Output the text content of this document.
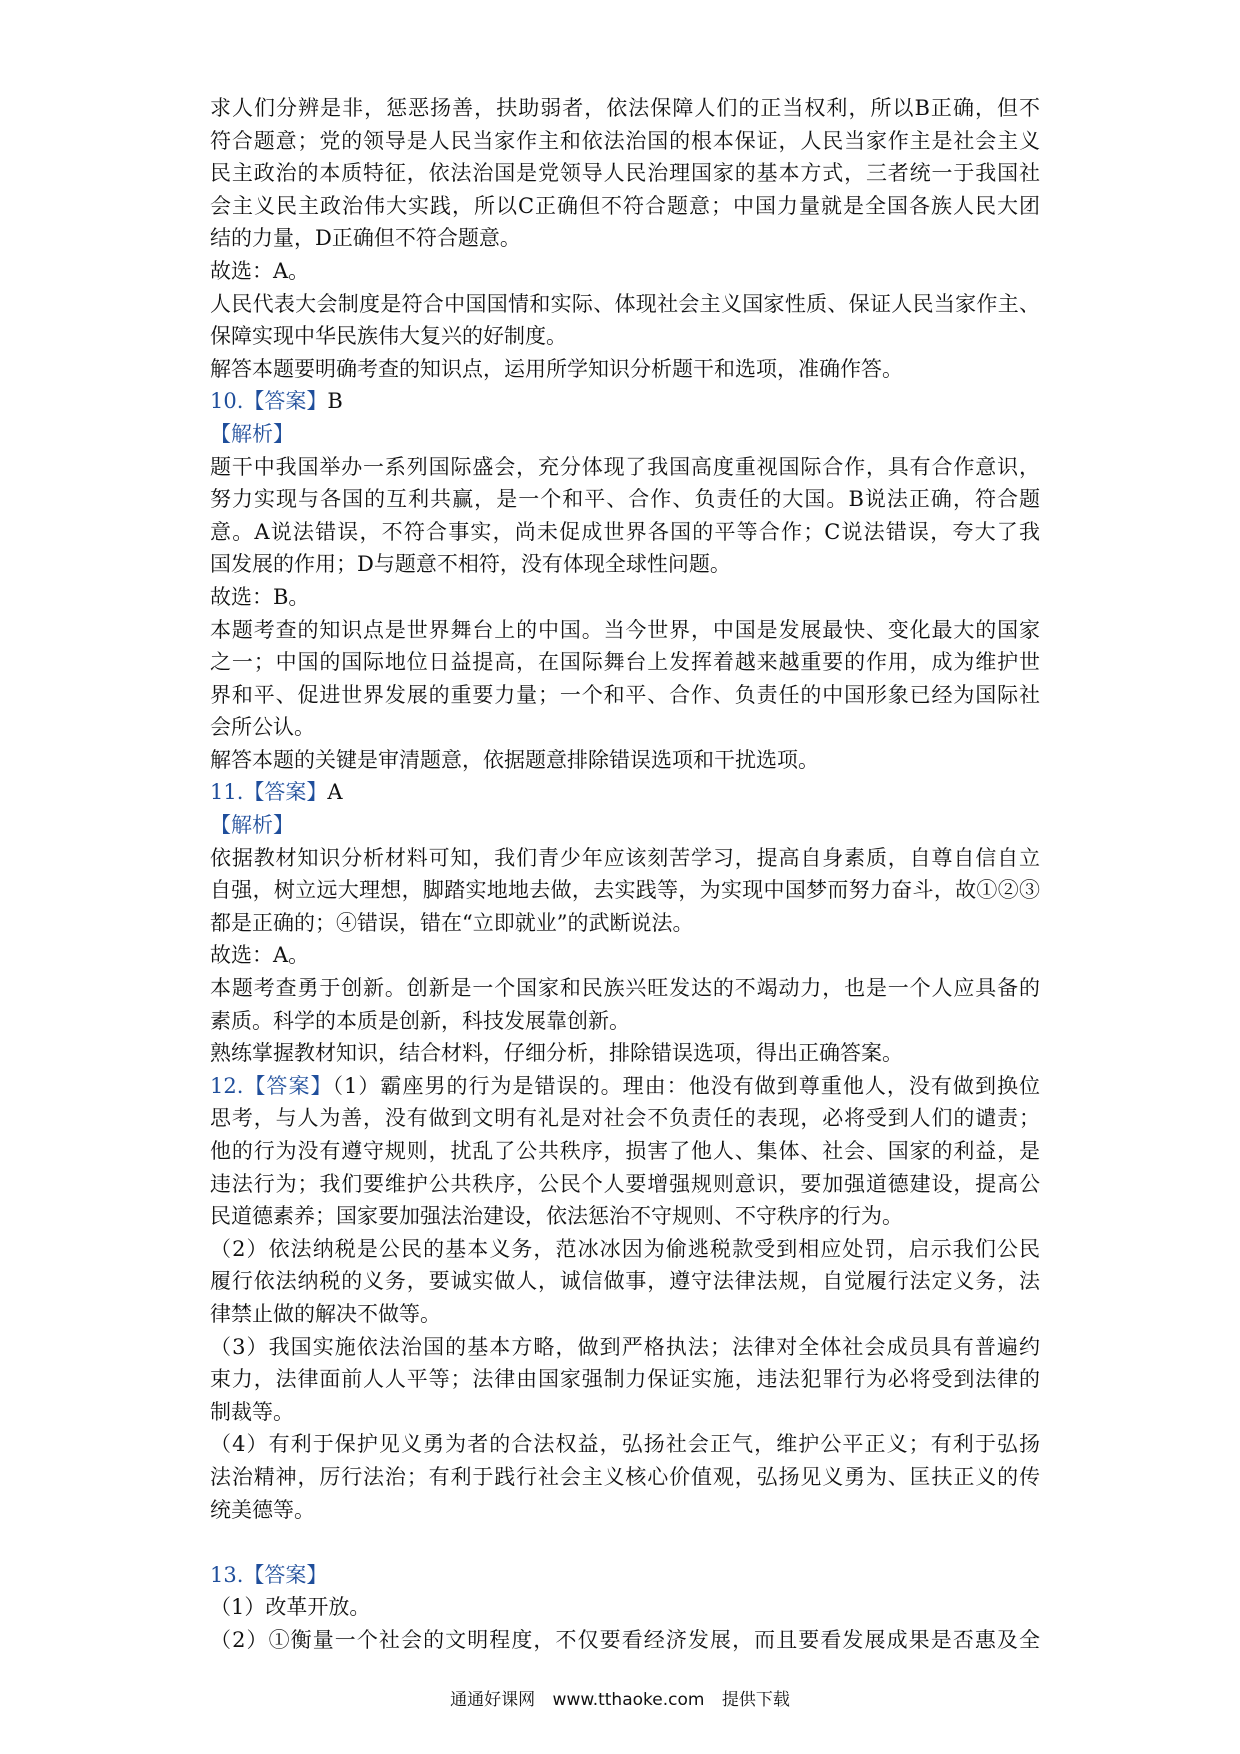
求人们分辨是非，惩恶扬善，扶助弱者，依法保障人们的正当权利，所以B正确，但不
符合题意；党的领导是人民当家作主和依法治国的根本保证，人民当家作主是社会主义
民主政治的本质特征，依法治国是党领导人民治理国家的基本方式，三者统一于我国社
会主义民主政治伟大实践，所以C正确但不符合题意；中国力量就是全国各族人民大团
结的力量，D正确但不符合题意。
故选：A。
人民代表大会制度是符合中国国情和实际、体现社会主义国家性质、保证人民当家作主、
保障实现中华民族伟大复兴的好制度。
解答本题要明确考查的知识点，运用所学知识分析题干和选项，准确作答。
10.【答案】B
【解析】
题干中我国举办一系列国际盛会，充分体现了我国高度重视国际合作，具有合作意识，
努力实现与各国的互利共赢，是一个和平、合作、负责任的大国。B说法正确，符合题
意。A说法错误，不符合事实，尚未促成世界各国的平等合作；C说法错误，夸大了我
国发展的作用；D与题意不相符，没有体现全球性问题。
故选：B。
本题考查的知识点是世界舞台上的中国。当今世界，中国是发展最快、变化最大的国家
之一；中国的国际地位日益提高，在国际舞台上发挥着越来越重要的作用，成为维护世
界和平、促进世界发展的重要力量；一个和平、合作、负责任的中国形象已经为国际社
会所公认。
解答本题的关键是审清题意，依据题意排除错误选项和干扰选项。
11.【答案】A
【解析】
依据教材知识分析材料可知，我们青少年应该刻苦学习，提高自身素质，自尊自信自立
自强，树立远大理想，脚踏实地地去做，去实践等，为实现中国梦而努力奋斗，故①②③
都是正确的；④错误，错在“立即就业”的武断说法。
故选：A。
本题考查勇于创新。创新是一个国家和民族兴旺发达的不竭动力，也是一个人应具备的
素质。科学的本质是创新，科技发展靠创新。
熟练掌握教材知识，结合材料，仔细分析，排除错误选项，得出正确答案。
12.【答案】（1）霸座男的行为是错误的。理由：他没有做到尊重他人，没有做到换位
思考，与人为善，没有做到文明有礼是对社会不负责任的表现，必将受到人们的谴责；
他的行为没有遵守规则，扰乱了公共秩序，损害了他人、集体、社会、国家的利益，是
违法行为；我们要维护公共秩序，公民个人要增强规则意识，要加强道德建设，提高公
民道德素养；国家要加强法治建设，依法惩治不守规则、不守秩序的行为。
（2）依法纳税是公民的基本义务，范冰冰因为偷逃税款受到相应处罚，启示我们公民
履行依法纳税的义务，要诚实做人，诚信做事，遵守法律法规，自觉履行法定义务，法
律禁止做的解决不做等。
（3）我国实施依法治国的基本方略，做到严格执法；法律对全体社会成员具有普遍约
束力，法律面前人人平等；法律由国家强制力保证实施，违法犯罪行为必将受到法律的
制裁等。
（4）有利于保护见义勇为者的合法权益，弘扬社会正气，维护公平正义；有利于弘扬
法治精神，厉行法治；有利于践行社会主义核心价值观，弘扬见义勇为、匡扶正义的传
统美德等。
13.【答案】
（1）改革开放。
（2）①衡量一个社会的文明程度，不仅要看经济发展，而且要看发展成果是否惠及全
通通好课网 www.tthaoke.com 提供下载
